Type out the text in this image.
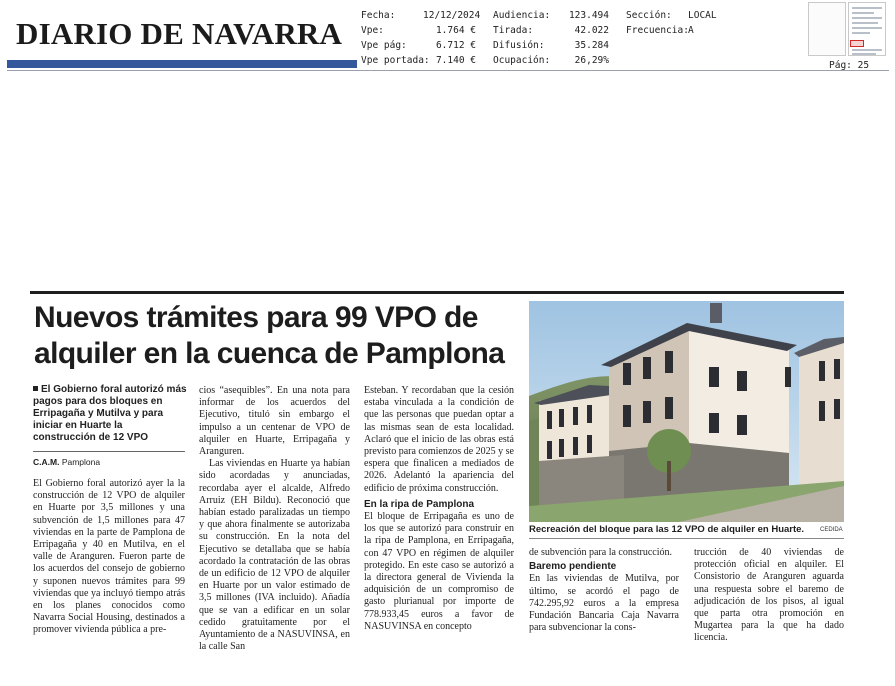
DIARIO DE NAVARRA
Fecha:	12/12/2024
Vpe:	1.764 €
Vpe pág:	6.712 €
Vpe portada: 7.140 €
Audiencia:	123.494
Tirada:	42.022
Difusión:	35.284
Ocupación:	26,29%
Sección:	LOCAL
Frecuencia: A
Pág: 25
Nuevos trámites para 99 VPO de alquiler en la cuenca de Pamplona
El Gobierno foral autorizó más pagos para dos bloques en Erripagaña y Mutilva y para iniciar en Huarte la construcción de 12 VPO
C.A.M. Pamplona

El Gobierno foral autorizó ayer la la construcción de 12 VPO de alquiler en Huarte por 3,5 millones y una subvención de 1,5 millones para 47 viviendas en la parte de Pamplona de Erripagaña y 40 en Mutilva, en el valle de Aranguren. Fueron parte de los acuerdos del consejo de gobierno y suponen nuevos trámites para 99 viviendas que ya incluyó tiempo atrás en los planes conocidos como Navarra Social Housing, destinados a promover vivienda pública a pre-

cios “asequibles”. En una nota para informar de los acuerdos del Ejecutivo, tituló sin embargo el impulso a un centenar de VPO de alquiler en Huarte, Erripagaña y Aranguren.

Las viviendas en Huarte ya habían sido acordadas y anunciadas, recordaba ayer el alcalde, Alfredo Arruiz (EH Bildu). Reconoció que habían estado paralizadas un tiempo y que ahora finalmente se autorizaba su construcción. En la nota del Ejecutivo se detallaba que se había acordado la contratación de las obras de un edificio de 12 VPO de alquiler en Huarte por un valor estimado de 3,5 millones (IVA incluido). Añadía que se van a edificar en un solar cedido gratuitamente por el Ayuntamiento de a NASUVINSA, en la calle San

Esteban. Y recordaban que la cesión estaba vinculada a la condición de que las personas que puedan optar a las mismas sean de esta localidad. Aclaró que el inicio de las obras está previsto para comienzos de 2025 y se espera que finalicen a mediados de 2026. Adelantó la apariencia del edificio de próxima construcción.

En la ripa de Pamplona

El bloque de Erripagaña es uno de los que se autorizó para construir en la ripa de Pamplona, en Erripagaña, con 47 VPO en régimen de alquiler protegido. En este caso se autorizó a la directora general de Vivienda la adquisición de un compromiso de gasto plurianual por importe de 778.933,45 euros a favor de NASUVINSA en concepto

Recreación del bloque para las 12 VPO de alquiler en Huarte.	CEDIDA

de subvención para la construcción.

Baremo pendiente

En las viviendas de Mutilva, por último, se acordó el pago de 742.295,92 euros a la empresa Fundación Bancaria Caja Navarra para subvencionar la cons-

trucción de 40 viviendas de protección oficial en alquiler. El Consistorio de Aranguren aguarda una respuesta sobre el baremo de adjudicación de los pisos, al igual que parta otra promoción en Mugartea para la que ha dado licencia.
